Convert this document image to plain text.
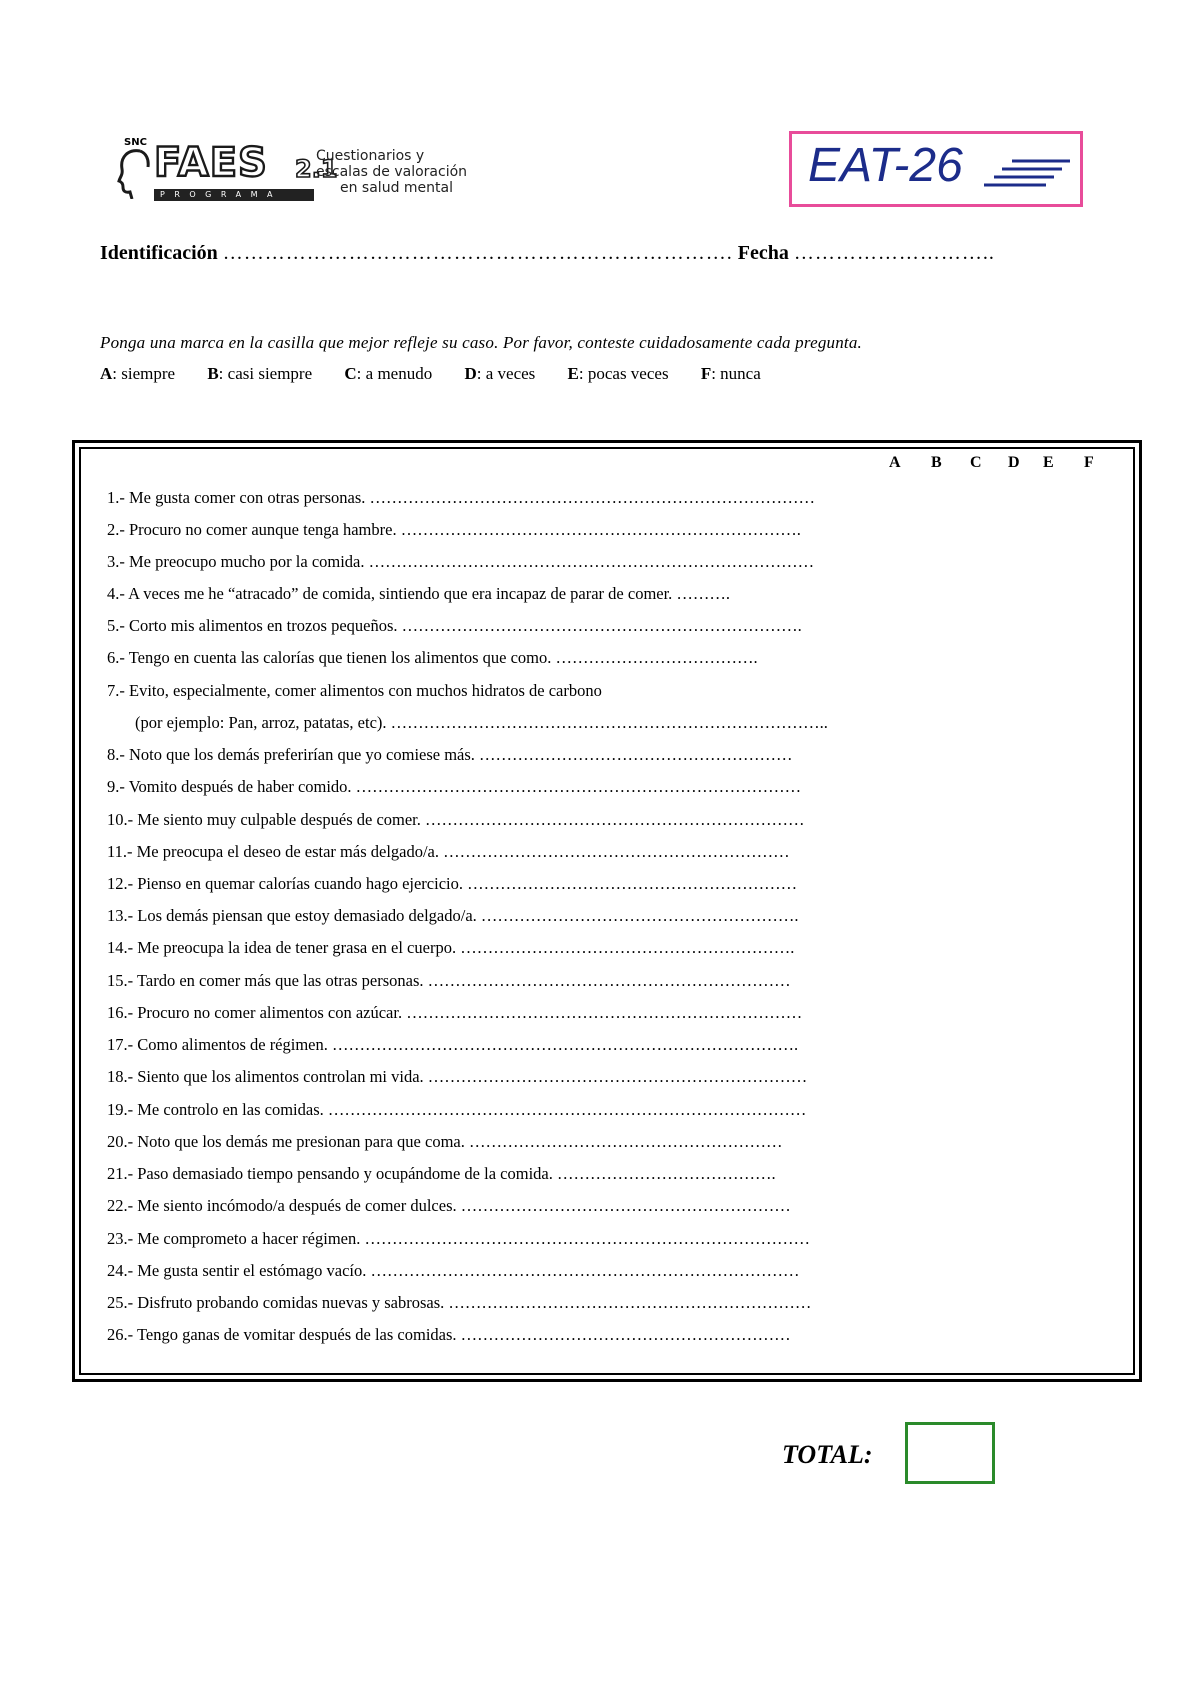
SNC FAES 2.1
PROGRAMA
Cuestionarios y
escalas de valoración
en salud mental	EAT-26
Identificación ………………………………………………………………. Fecha ………………………..
Ponga una marca en la casilla que mejor refleje su caso. Por favor, conteste cuidadosamente cada pregunta.
A: siempre B: casi siempre C: a menudo D: a veces E: pocas veces F: nunca
A B C D E F
1.- Me gusta comer con otras personas. ………………………………………………………………………
2.- Procuro no comer aunque tenga hambre. ……………………………………………………………….
3.- Me preocupo mucho por la comida. ………………………………………………………………………
4.- A veces me he “atracado” de comida, sintiendo que era incapaz de parar de comer. ……….
5.- Corto mis alimentos en trozos pequeños. ……………………………………………………………….
6.- Tengo en cuenta las calorías que tienen los alimentos que como. ……………………………….
7.- Evito, especialmente, comer alimentos con muchos hidratos de carbono
(por ejemplo: Pan, arroz, patatas, etc). ……………………………………………………………………..
8.- Noto que los demás preferirían que yo comiese más. …………………………………………………
9.- Vomito después de haber comido. ………………………………………………………………………
10.- Me siento muy culpable después de comer. ……………………………………………………………
11.- Me preocupa el deseo de estar más delgado/a. ………………………………………………………
12.- Pienso en quemar calorías cuando hago ejercicio. ……………………………………………………
13.- Los demás piensan que estoy demasiado delgado/a. ………………………………………………….
14.- Me preocupa la idea de tener grasa en el cuerpo. …………………………………………………….
15.- Tardo en comer más que las otras personas. …………………………………………………………
16.- Procuro no comer alimentos con azúcar. ………………………………………………………………
17.- Como alimentos de régimen. ………………………………………………………………………….
18.- Siento que los alimentos controlan mi vida. ……………………………………………………………
19.- Me controlo en las comidas. ……………………………………………………………………………
20.- Noto que los demás me presionan para que coma. …………………………………………………
21.- Paso demasiado tiempo pensando y ocupándome de la comida. ………………………………….
22.- Me siento incómodo/a después de comer dulces. ……………………………………………………
23.- Me comprometo a hacer régimen. ………………………………………………………………………
24.- Me gusta sentir el estómago vacío. ……………………………………………………………………
25.- Disfruto probando comidas nuevas y sabrosas. …………………………………………………………
26.- Tengo ganas de vomitar después de las comidas. ……………………………………………………
TOTAL:
